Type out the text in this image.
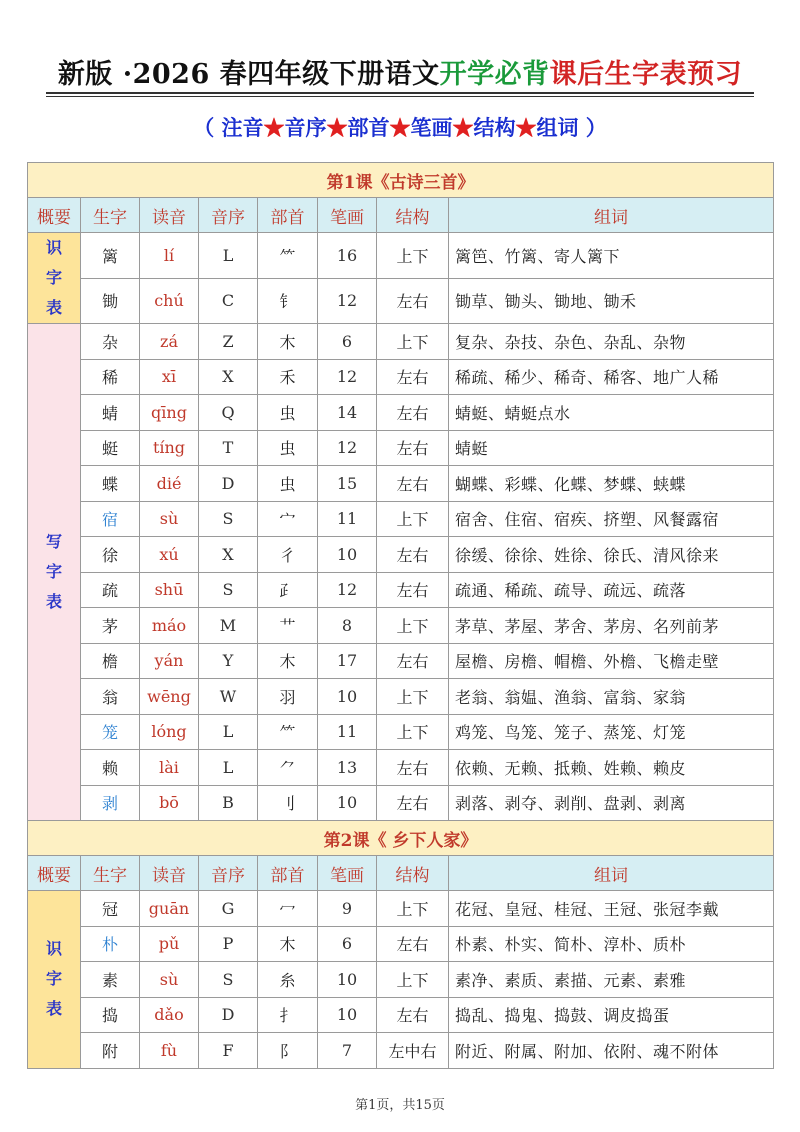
新版 ·2026 春四年级下册语文开学必背课后生字表预习
（ 注音★音序★部首★笔画★结构★组词 ）
第1课《古诗三首》							
概要	生字	读音	音序	部首	笔画	结构	组词

识
字
表	篱	lí	L	⺮	16	上下	篱笆、竹篱、寄人篱下
	锄	chú	C	钅	12	左右	锄草、锄头、锄地、锄禾

写
字
表	杂	zá	Z	木	6	上下	复杂、杂技、杂色、杂乱、杂物
	稀	xī	X	禾	12	左右	稀疏、稀少、稀奇、稀客、地广人稀
	蜻	qīng	Q	虫	14	左右	蜻蜓、蜻蜓点水
	蜓	tíng	T	虫	12	左右	蜻蜓
	蝶	dié	D	虫	15	左右	蝴蝶、彩蝶、化蝶、梦蝶、蛱蝶
	宿	sù	S	宀	11	上下	宿舍、住宿、宿疾、挤塑、风餐露宿
	徐	xú	X	彳	10	左右	徐缓、徐徐、姓徐、徐氏、清风徐来
	疏	shū	S	⺪	12	左右	疏通、稀疏、疏导、疏远、疏落
	茅	máo	M	艹	8	上下	茅草、茅屋、茅舍、茅房、名列前茅
	檐	yán	Y	木	17	左右	屋檐、房檐、帽檐、外檐、飞檐走壁
	翁	wēng	W	羽	10	上下	老翁、翁媪、渔翁、富翁、家翁
	笼	lóng	L	⺮	11	上下	鸡笼、鸟笼、笼子、蒸笼、灯笼
	赖	lài	L	⺈	13	左右	依赖、无赖、抵赖、姓赖、赖皮
	剥	bō	B	刂	10	左右	剥落、剥夺、剥削、盘剥、剥离
第2课《 乡下人家》							
概要	生字	读音	音序	部首	笔画	结构	组词

识
字
表	冠	guān	G	冖	9	上下	花冠、皇冠、桂冠、王冠、张冠李戴
	朴	pǔ	P	木	6	左右	朴素、朴实、简朴、淳朴、质朴
	素	sù	S	糸	10	上下	素净、素质、素描、元素、素雅
	捣	dǎo	D	扌	10	左右	捣乱、捣鬼、捣鼓、调皮捣蛋
	附	fù	F	阝	7	左中右	附近、附属、附加、依附、魂不附体
第1页，共15页
